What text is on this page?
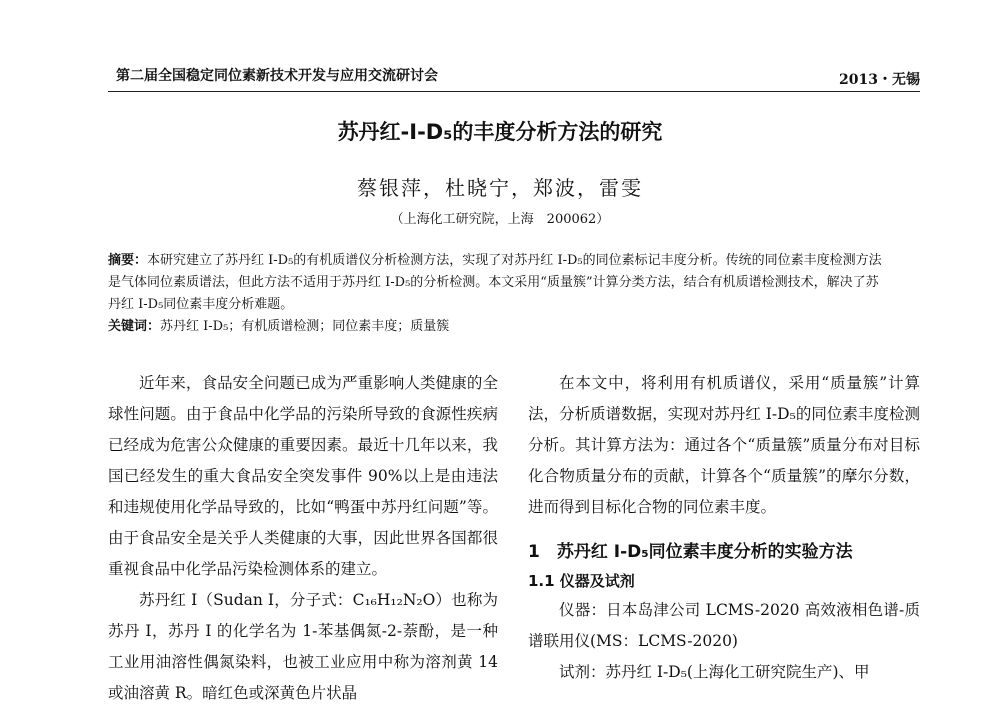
第二届全国稳定同位素新技术开发与应用交流研讨会	2013・无锡
苏丹红-I-D₅的丰度分析方法的研究
蔡银萍，杜晓宁，郑波，雷雯
（上海化工研究院，上海　200062）

摘要：本研究建立了苏丹红 I-D₅的有机质谱仪分析检测方法，实现了对苏丹红 I-D₅的同位素标记丰度分析。传统的同位素丰度检测方法是气体同位素质谱法，但此方法不适用于苏丹红 I-D₅的分析检测。本文采用“质量簇”计算分类方法，结合有机质谱检测技术，解决了苏丹红 I-D₅同位素丰度分析难题。

关键词：苏丹红 I-D₅；有机质谱检测；同位素丰度；质量簇

近年来，食品安全问题已成为严重影响人类健康的全球性问题。由于食品中化学品的污染所导致的食源性疾病已经成为危害公众健康的重要因素。最近十几年以来，我国已经发生的重大食品安全突发事件 90%以上是由违法和违规使用化学品导致的，比如“鸭蛋中苏丹红问题”等。由于食品安全是关乎人类健康的大事，因此世界各国都很重视食品中化学品污染检测体系的建立。

苏丹红 I（Sudan I，分子式：C₁₆H₁₂N₂O）也称为苏丹 I，苏丹 I 的化学名为 1-苯基偶氮-2-萘酚，是一种工业用油溶性偶氮染料，也被工业应用中称为溶剂黄 14 或油溶黄 R。暗红色或深黄色片状晶

在本文中，将利用有机质谱仪，采用“质量簇”计算法，分析质谱数据，实现对苏丹红 I-D₅的同位素丰度检测分析。其计算方法为：通过各个“质量簇”质量分布对目标化合物质量分布的贡献，计算各个“质量簇”的摩尔分数，进而得到目标化合物的同位素丰度。

1　苏丹红 I-D₅同位素丰度分析的实验方法
1.1 仪器及试剂

仪器：日本岛津公司 LCMS-2020 高效液相色谱-质谱联用仪(MS：LCMS-2020)

试剂：苏丹红 I-D₅(上海化工研究院生产)、甲
